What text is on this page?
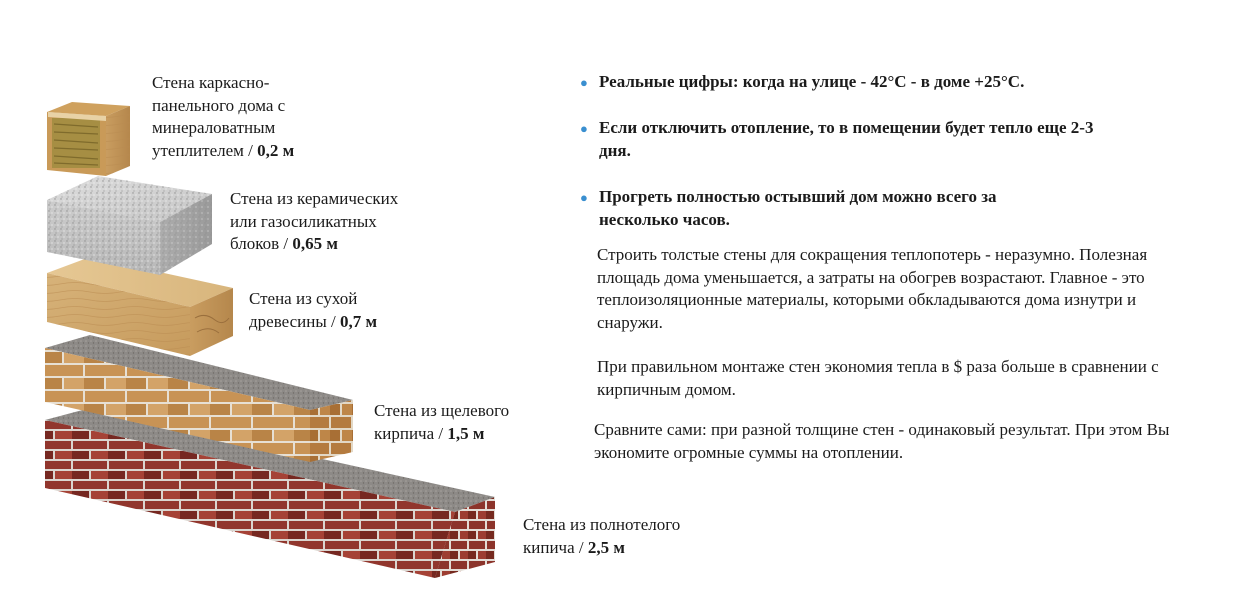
Стена каркасно-
панельного дома с
минераловатным
утеплителем / 0,2 м
Стена из керамических
или газосиликатных
блоков / 0,65 м
Стена из сухой
древесины / 0,7 м
Стена из щелевого
кирпича / 1,5 м
Стена из полнотелого
кипича / 2,5 м
● Реальные цифры: когда на улице - 42°С - в доме +25°С.
● Если отключить отопление, то в помещении будет тепло еще 2-3 дня.
● Прогреть полностью остывший дом можно всего за несколько часов.
Строить толстые стены для сокращения теплопотерь - неразумно. Полезная площадь дома уменьшается, а затраты на обогрев возрастают. Главное - это теплоизоляционные материалы, которыми обкладываются дома изнутри и снаружи.
При правильном монтаже стен экономия тепла в $ раза больше в сравнении с кирпичным домом.
Сравните сами: при разной толщине стен - одинаковый результат. При этом Вы экономите огромные суммы на отоплении.
